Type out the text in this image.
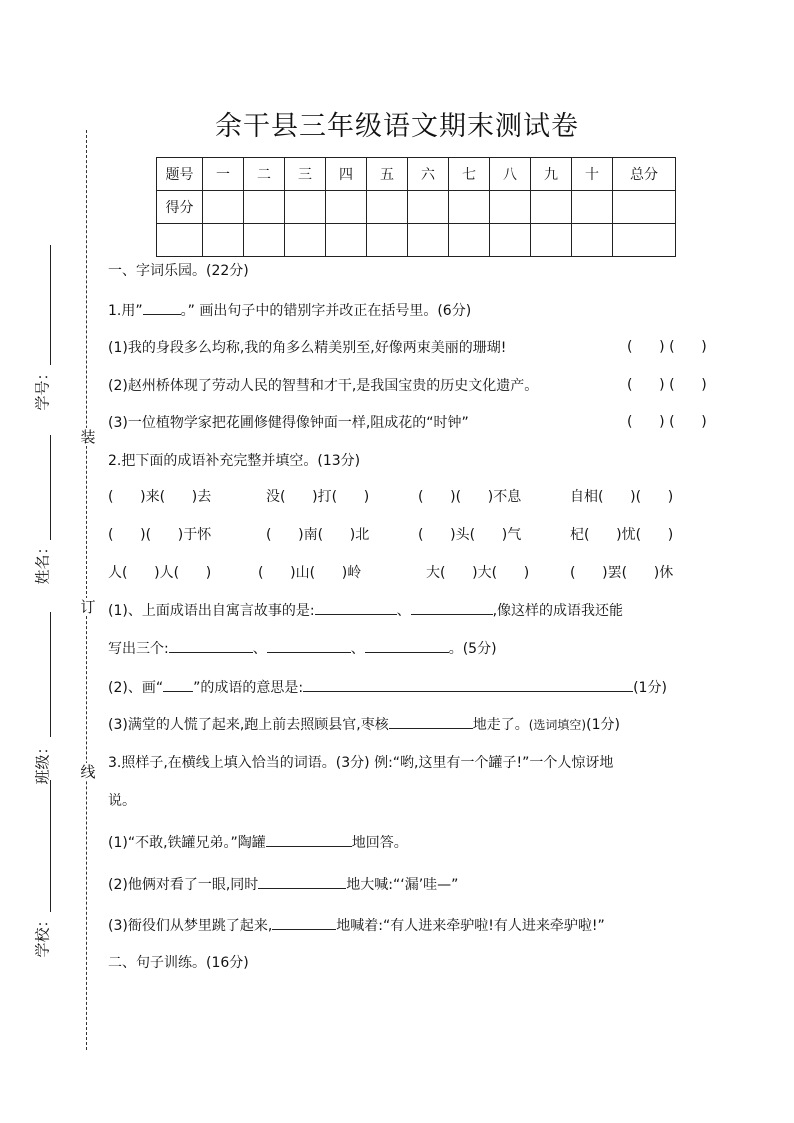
装
订
线
学号：
姓名：
班级：
学校：
余干县三年级语文期末测试卷
题号	一	二	三	四	五	六	七	八	九	十	总分
得分											

一、字词乐园。(22分)
1.用”	。” 画出句子中的错别字并改正在括号里。(6分)
(1)我的身段多么均称,我的角多么精美别至,好像两束美丽的珊瑚!	(      ) (      )
(2)赵州桥体现了劳动人民的智彗和才干,是我国宝贵的历史文化遗产。	(      ) (      )
(3)一位植物学家把花圃修健得像钟面一样,阻成花的“时钟”	(      ) (      )
2.把下面的成语补充完整并填空。(13分)
(      )来(      )去	没(      )打(      )	(      )(      )不息	自相(      )(      )
(      )(      )于怀	(      )南(      )北	(      )头(      )气	杞(      )忧(      )
人(      )人(      )	(      )山(      )岭	大(      )大(      )	(      )罢(      )休
(1)、上面成语出自寓言故事的是:	、	,像这样的成语我还能
写出三个:	、	、	。(5分)
(2)、画“ ”的成语的意思是:	(1分)
(3)满堂的人慌了起来,跑上前去照顾县官,枣核	地走了。(选词填空)(1分)
3.照样子,在横线上填入恰当的词语。(3分) 例:“哟,这里有一个罐子!”一个人惊讶地
说。
(1)“不敢,铁罐兄弟。”陶罐	地回答。
(2)他俩对看了一眼,同时	地大喊:“‘漏’哇—”
(3)衙役们从梦里跳了起来,	地喊着:“有人进来牵驴啦!有人进来牵驴啦!”
二、句子训练。(16分)
